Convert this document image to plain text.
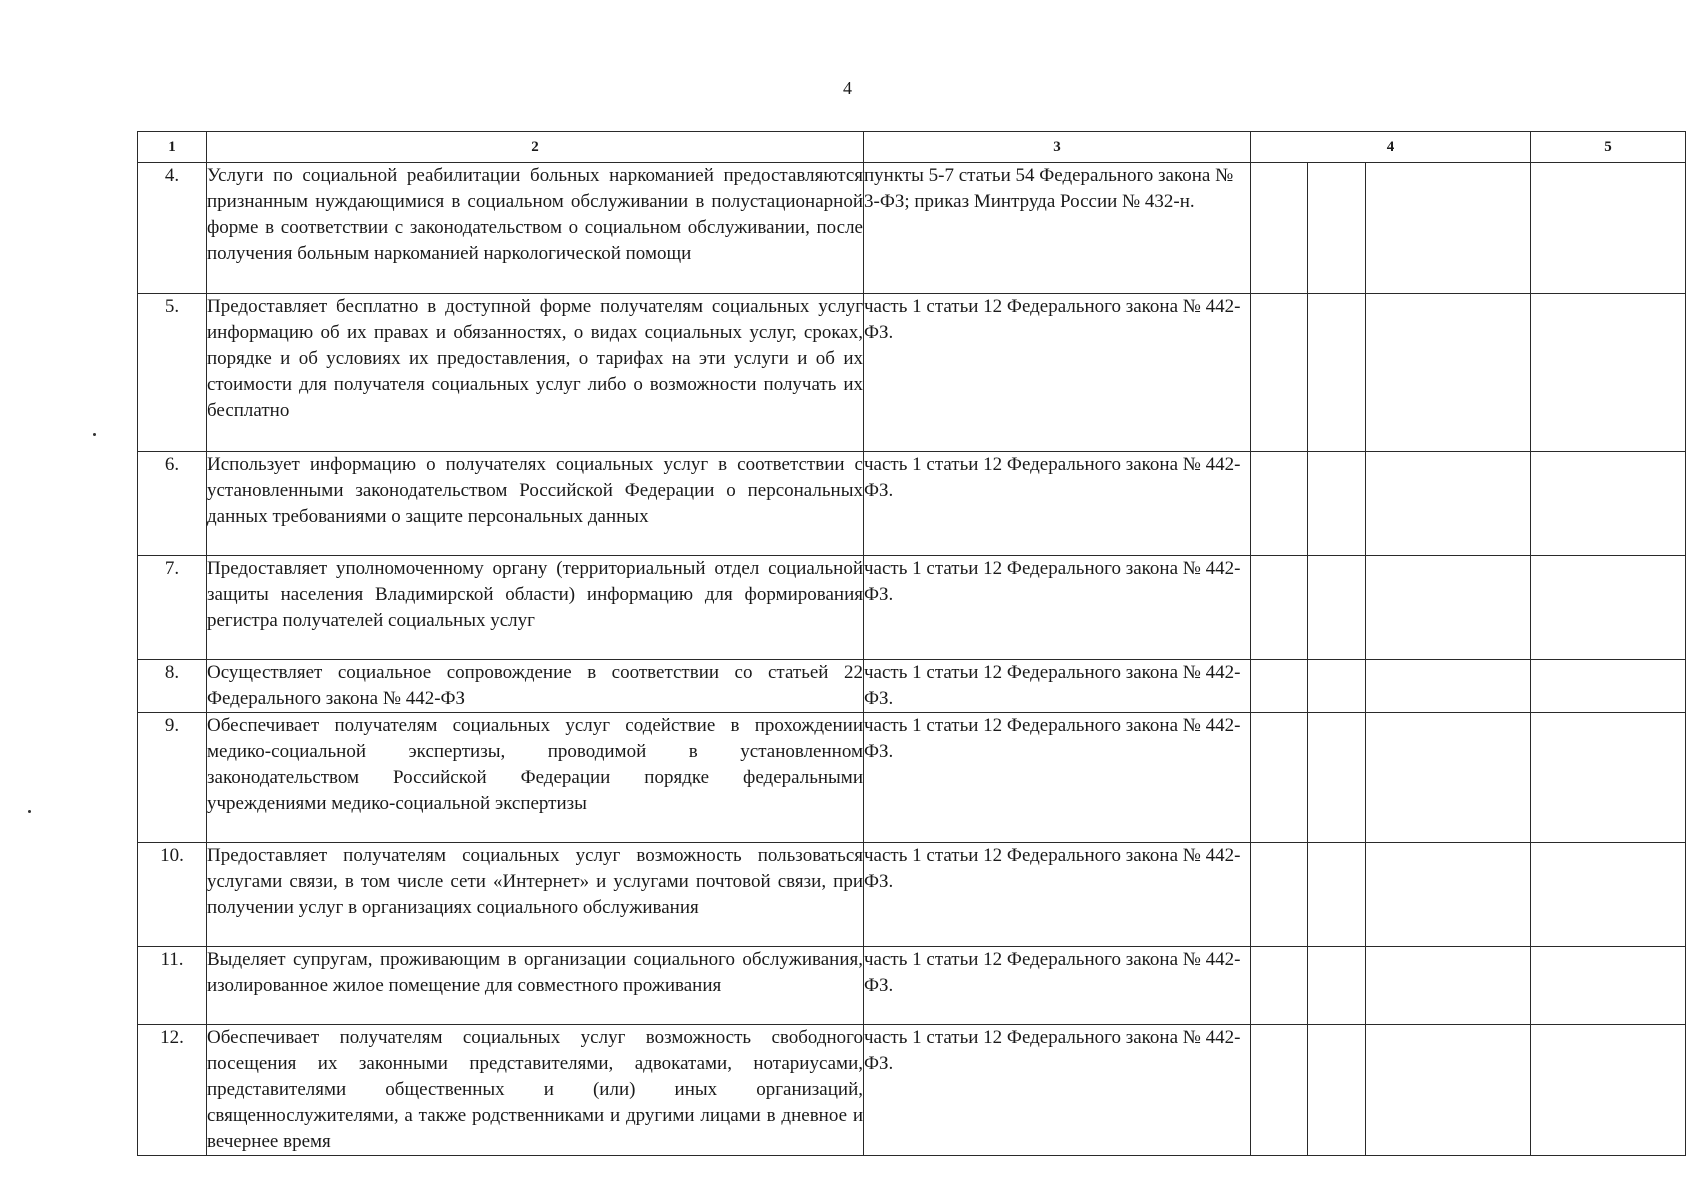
4
1	2	3	4			5
4.	Услуги по социальной реабилитации больных наркоманией предоставляются признанным нуждающимися в социальном обслуживании в полустационарной форме в соответствии с законодательством о социальном обслуживании, после получения больным наркоманией наркологической помощи	пункты 5-7 статьи 54 Федерального закона № 3-ФЗ; приказ Минтруда России № 432-н.				
5.	Предоставляет бесплатно в доступной форме получателям социальных услуг информацию об их правах и обязанностях, о видах социальных услуг, сроках, порядке и об условиях их предоставления, о тарифах на эти услуги и об их стоимости для получателя социальных услуг либо о возможности получать их бесплатно	часть 1 статьи 12 Федерального закона № 442-ФЗ.				
6.	Использует информацию о получателях социальных услуг в соответствии с установленными законодательством Российской Федерации о персональных данных требованиями о защите персональных данных	часть 1 статьи 12 Федерального закона № 442-ФЗ.				
7.	Предоставляет уполномоченному органу (территориальный отдел социальной защиты населения Владимирской области) информацию для формирования регистра получателей социальных услуг	часть 1 статьи 12 Федерального закона № 442-ФЗ.				
8.	Осуществляет социальное сопровождение в соответствии со статьей 22 Федерального закона № 442-ФЗ	часть 1 статьи 12 Федерального закона № 442-ФЗ.				
9.	Обеспечивает получателям социальных услуг содействие в прохождении медико-социальной экспертизы, проводимой в установленном законодательством Российской Федерации порядке федеральными учреждениями медико-социальной экспертизы	часть 1 статьи 12 Федерального закона № 442-ФЗ.				
10.	Предоставляет получателям социальных услуг возможность пользоваться услугами связи, в том числе сети «Интернет» и услугами почтовой связи, при получении услуг в организациях социального обслуживания	часть 1 статьи 12 Федерального закона № 442-ФЗ.				
11.	Выделяет супругам, проживающим в организации социального обслуживания, изолированное жилое помещение для совместного проживания	часть 1 статьи 12 Федерального закона № 442-ФЗ.				
12.	Обеспечивает получателям социальных услуг возможность свободного посещения их законными представителями, адвокатами, нотариусами, представителями общественных и (или) иных организаций, священнослужителями, а также родственниками и другими лицами в дневное и вечернее время	часть 1 статьи 12 Федерального закона № 442-ФЗ.				
